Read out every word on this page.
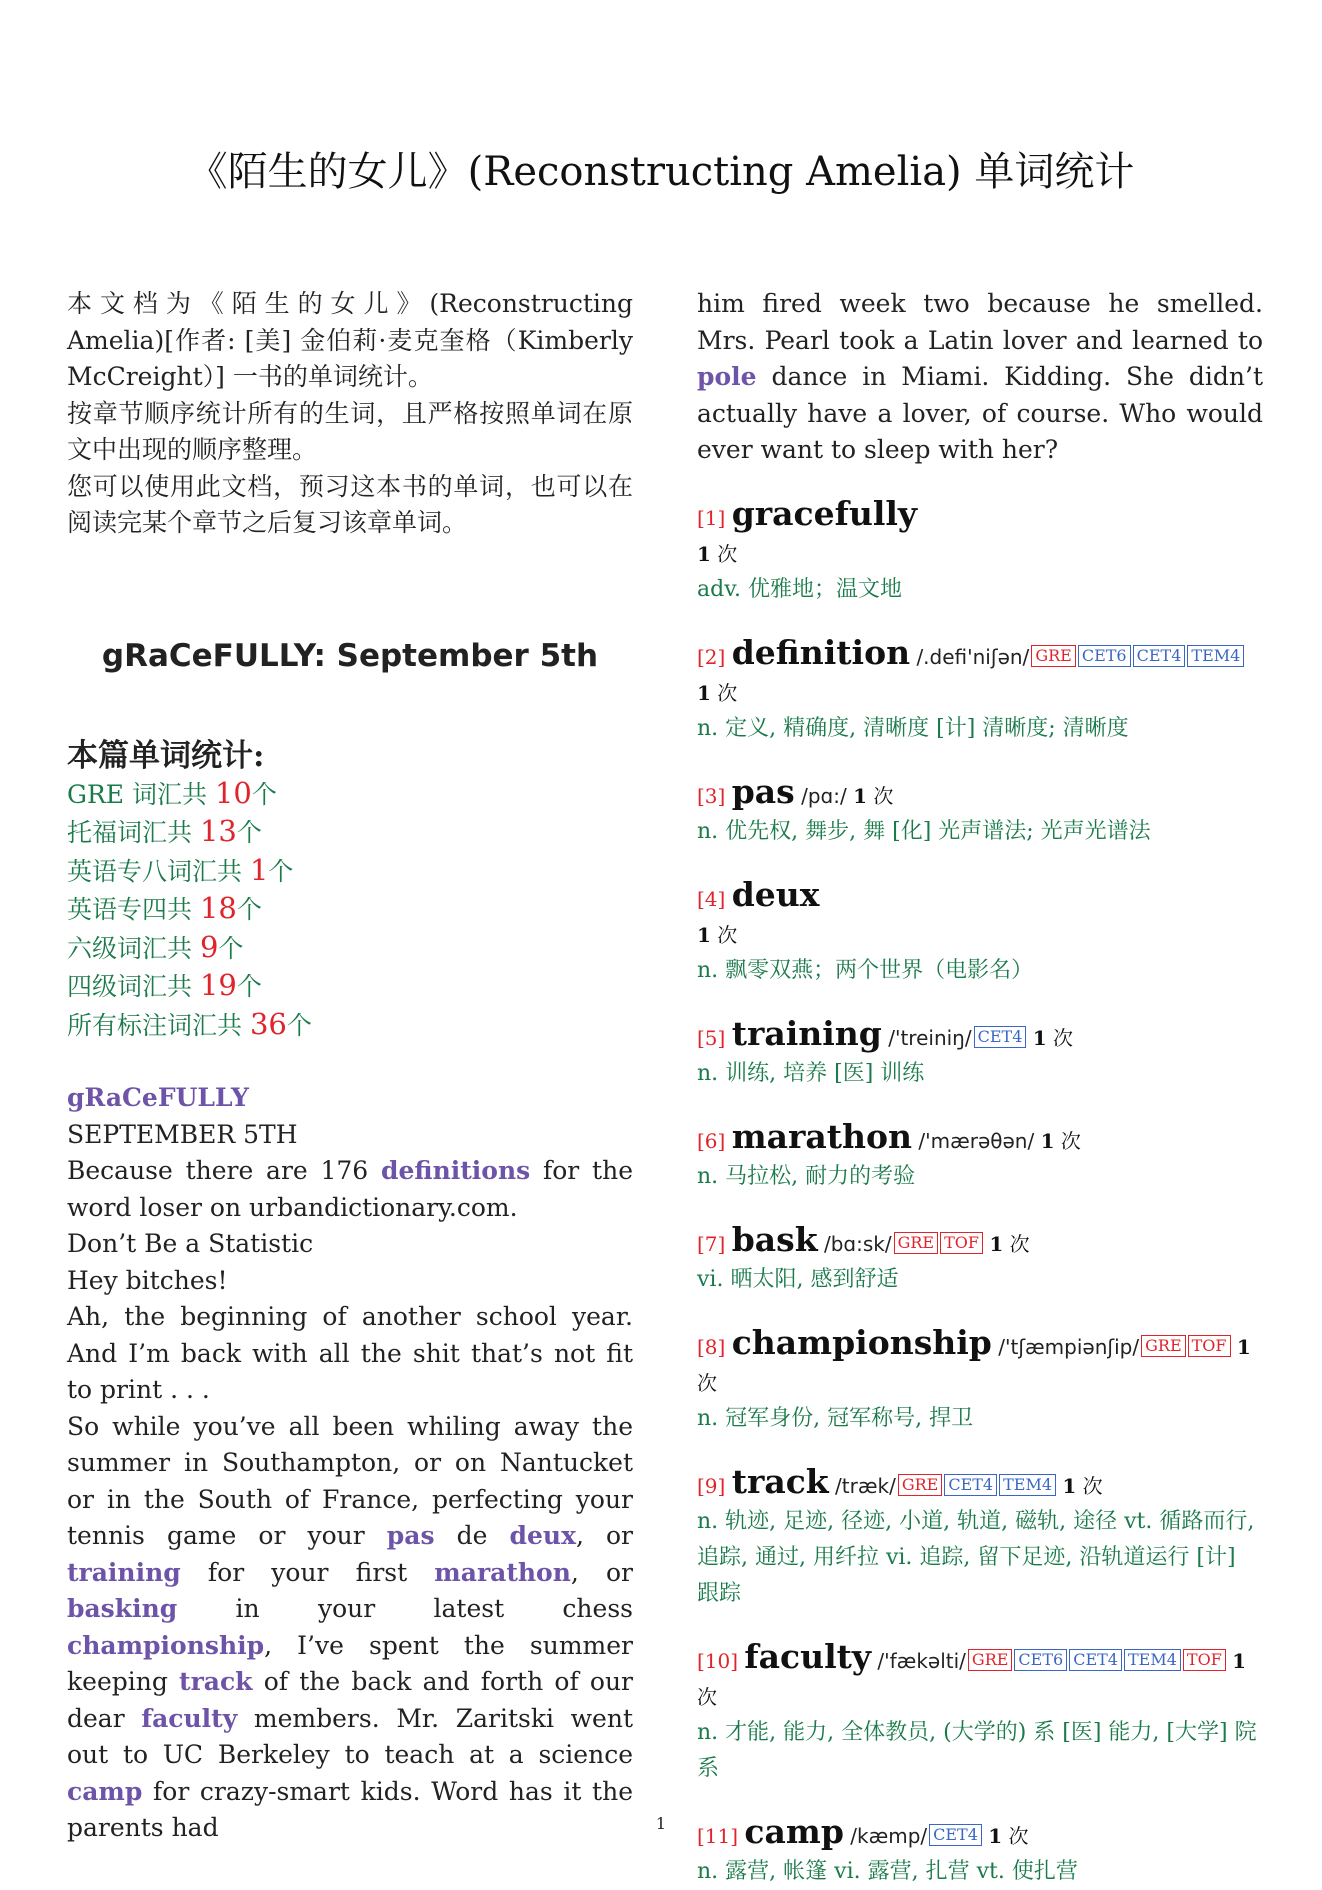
《陌生的女儿》(Reconstructing Amelia) 单词统计

本文档为《陌生的女儿》(Reconstructing Amelia)[作者: [美] 金伯莉·麦克奎格（Kimberly McCreight）] 一书的单词统计。

按章节顺序统计所有的生词，且严格按照单词在原文中出现的顺序整理。

您可以使用此文档，预习这本书的单词，也可以在阅读完某个章节之后复习该章单词。

gRaCeFULLY: September 5th
本篇单词统计:
GRE 词汇共 10个
托福词汇共 13个
英语专八词汇共 1个
英语专四共 18个
六级词汇共 9个
四级词汇共 19个
所有标注词汇共 36个
gRaCeFULLY

SEPTEMBER 5TH

Because there are 176 definitions for the word loser on urbandictionary.com.

Don’t Be a Statistic

Hey bitches!

Ah, the beginning of another school year. And I’m back with all the shit that’s not fit to print . . .

So while you’ve all been whiling away the summer in Southampton, or on Nantucket or in the South of France, perfecting your tennis game or your pas de deux, or training for your first marathon, or basking in your latest chess championship, I’ve spent the summer keeping track of the back and forth of our dear faculty members. Mr. Zaritski went out to UC Berkeley to teach at a science camp for crazy-smart kids. Word has it the parents had

him fired week two because he smelled. Mrs. Pearl took a Latin lover and learned to pole dance in Miami. Kidding. She didn’t actually have a lover, of course. Who would ever want to sleep with her?

[1] gracefully
1 次
adv. 优雅地；温文地
[2] definition /.defi'niʃən/ GRE CET6 CET4 TEM4 1 次
n. 定义, 精确度, 清晰度 [计] 清晰度; 清晰度
[3] pas /pɑ:/ 1 次
n. 优先权, 舞步, 舞 [化] 光声谱法; 光声光谱法
[4] deux
1 次
n. 飘零双燕；两个世界（电影名）
[5] training /'treiniŋ/ CET4 1 次
n. 训练, 培养 [医] 训练
[6] marathon /'mærəθən/ 1 次
n. 马拉松, 耐力的考验
[7] bask /bɑ:sk/ GRE TOF 1 次
vi. 晒太阳, 感到舒适
[8] championship /'tʃæmpiənʃip/ GRE TOF 1 次
n. 冠军身份, 冠军称号, 捍卫
[9] track /træk/ GRE CET4 TEM4 1 次
n. 轨迹, 足迹, 径迹, 小道, 轨道, 磁轨, 途径 vt. 循路而行, 追踪, 通过, 用纤拉 vi. 追踪, 留下足迹, 沿轨道运行 [计] 跟踪
[10] faculty /'fækəlti/ GRE CET6 CET4 TEM4 TOF 1 次
n. 才能, 能力, 全体教员, (大学的) 系 [医] 能力, [大学] 院系
[11] camp /kæmp/ CET4 1 次
n. 露营, 帐篷 vi. 露营, 扎营 vt. 使扎营
1
